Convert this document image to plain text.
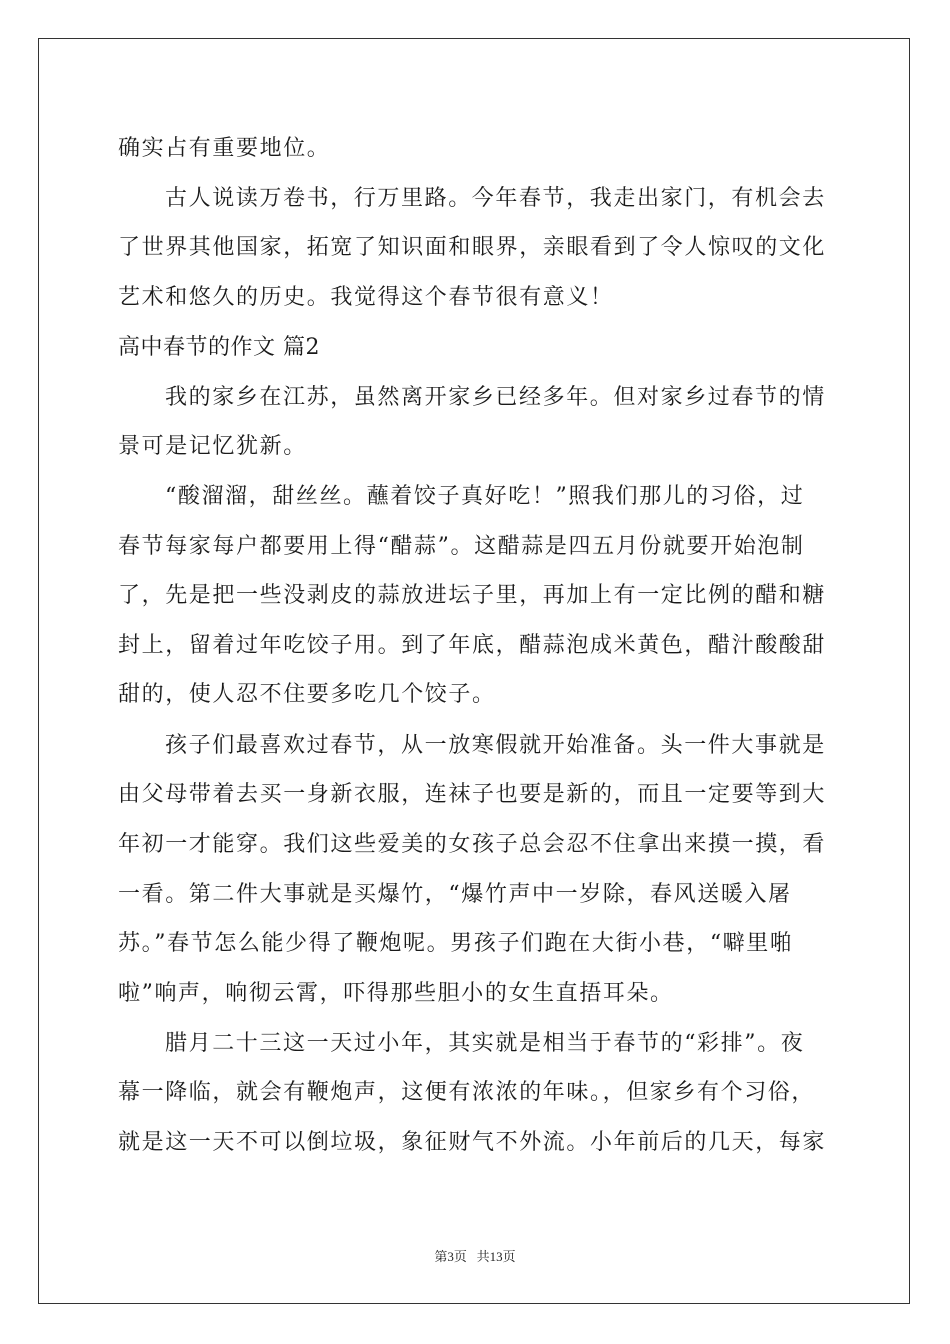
确实占有重要地位。
古人说读万卷书，行万里路。今年春节，我走出家门，有机会去
了世界其他国家，拓宽了知识面和眼界，亲眼看到了令人惊叹的文化
艺术和悠久的历史。我觉得这个春节很有意义！
高中春节的作文 篇2
我的家乡在江苏，虽然离开家乡已经多年。但对家乡过春节的情
景可是记忆犹新。
“酸溜溜，甜丝丝。蘸着饺子真好吃！”照我们那儿的习俗，过
春节每家每户都要用上得“醋蒜”。这醋蒜是四五月份就要开始泡制
了，先是把一些没剥皮的蒜放进坛子里，再加上有一定比例的醋和糖
封上，留着过年吃饺子用。到了年底，醋蒜泡成米黄色，醋汁酸酸甜
甜的，使人忍不住要多吃几个饺子。
孩子们最喜欢过春节，从一放寒假就开始准备。头一件大事就是
由父母带着去买一身新衣服，连袜子也要是新的，而且一定要等到大
年初一才能穿。我们这些爱美的女孩子总会忍不住拿出来摸一摸，看
一看。第二件大事就是买爆竹，“爆竹声中一岁除，春风送暖入屠
苏。”春节怎么能少得了鞭炮呢。男孩子们跑在大街小巷，“噼里啪
啦”响声，响彻云霄，吓得那些胆小的女生直捂耳朵。
腊月二十三这一天过小年，其实就是相当于春节的“彩排”。夜
幕一降临，就会有鞭炮声，这便有浓浓的年味。，但家乡有个习俗，
就是这一天不可以倒垃圾，象征财气不外流。小年前后的几天，每家
第3页 共13页
